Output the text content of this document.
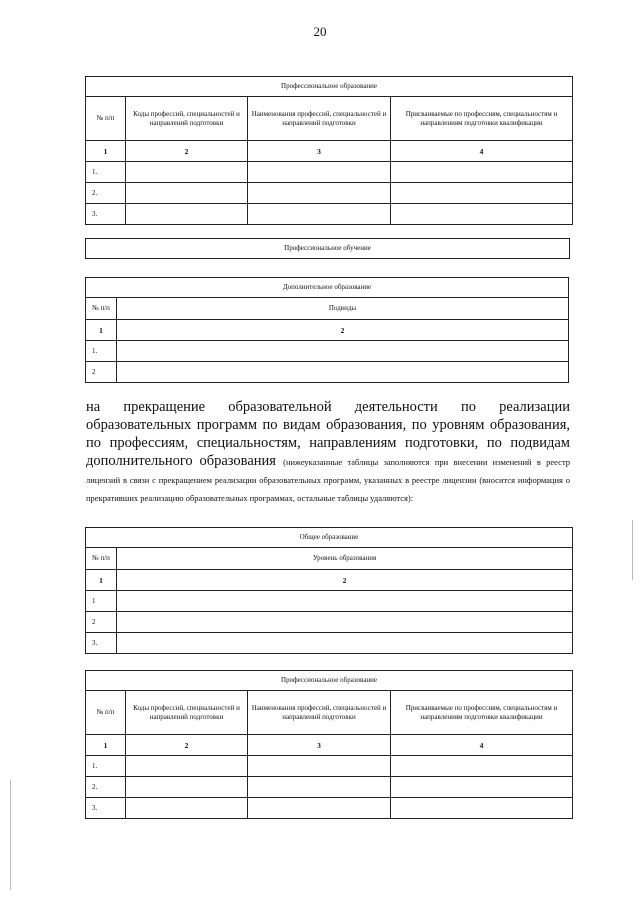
20
Профессиональное образование			
№ п/п	Коды профессий, специальностей и направлений подготовки	Наименования профессий, специальностей и направлений подготовки	Присваиваемые по профессиям, специальностям и направлениям подготовки квалификации
1	2	3	4
1.			
2.			
3.			
Профессиональное обучение
Дополнительное образование	
№ п/п	Подвиды
1	2
1.	
2	
на прекращение образовательной деятельности по реализации образовательных программ по видам образования, по уровням образования, по профессиям, специальностям, направлениям подготовки, по подвидам дополнительного образования (нижеуказанные таблицы заполняются при внесении изменений в реестр лицензий в связи с прекращением реализации образовательных программ, указанных в реестре лицензии (вносится информация о прекративших реализацию образовательных программах, остальные таблицы удаляются):
Общее образование	
№ п/п	Уровень образования
1	2
1	
2	
3.	
Профессиональное образование			
№ п/п	Коды профессий, специальностей и направлений подготовки	Наименования профессий, специальностей и направлений подготовки	Присваиваемые по профессиям, специальностям и направлениям подготовки квалификации
1	2	3	4
1.			
2.			
3.			
